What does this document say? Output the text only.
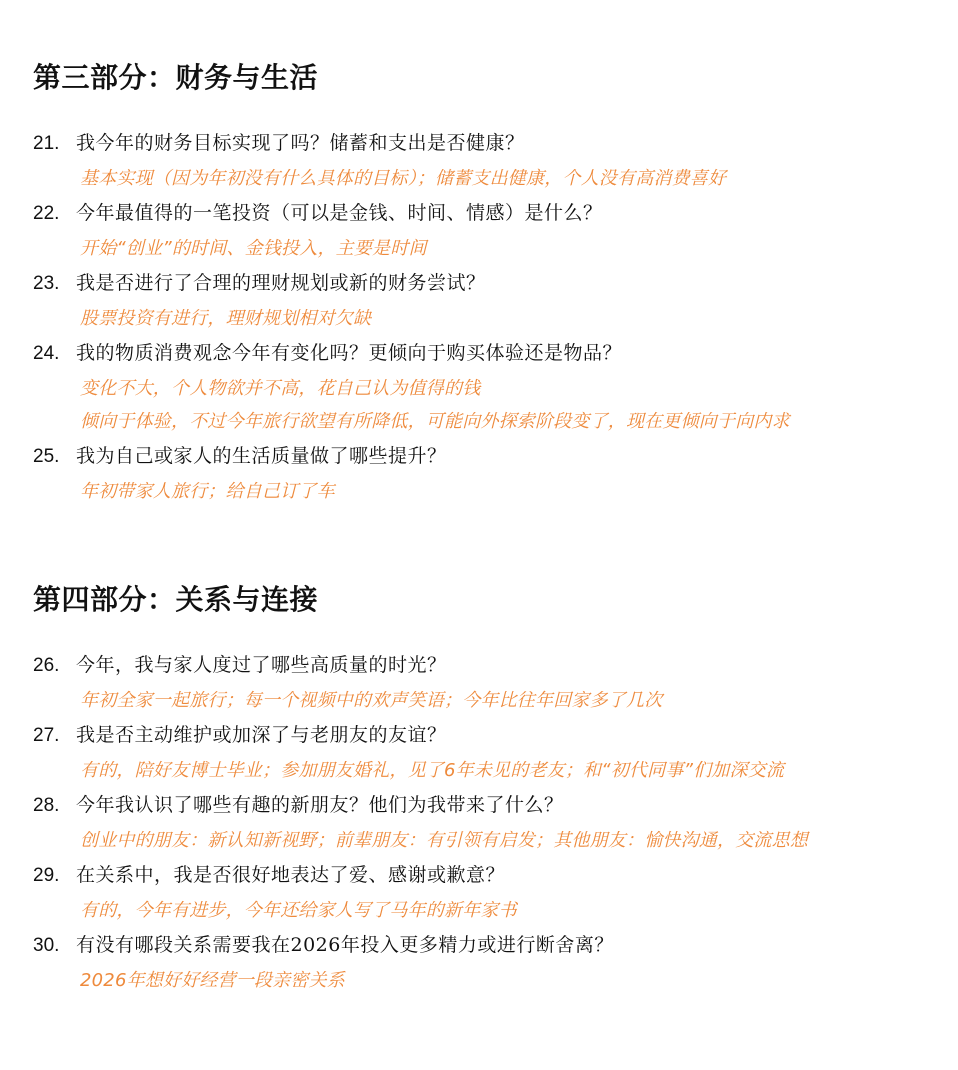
第三部分：财务与生活
21. 我今年的财务目标实现了吗？储蓄和支出是否健康？
基本实现（因为年初没有什么具体的目标）；储蓄支出健康，个人没有高消费喜好
22. 今年最值得的一笔投资（可以是金钱、时间、情感）是什么？
开始“创业”的时间、金钱投入，主要是时间
23. 我是否进行了合理的理财规划或新的财务尝试？
股票投资有进行，理财规划相对欠缺
24. 我的物质消费观念今年有变化吗？更倾向于购买体验还是物品？
变化不大，个人物欲并不高，花自己认为值得的钱
倾向于体验，不过今年旅行欲望有所降低，可能向外探索阶段变了，现在更倾向于向内求
25. 我为自己或家人的生活质量做了哪些提升？
年初带家人旅行；给自己订了车
第四部分：关系与连接
26. 今年，我与家人度过了哪些高质量的时光？
年初全家一起旅行；每一个视频中的欢声笑语；今年比往年回家多了几次
27. 我是否主动维护或加深了与老朋友的友谊？
有的，陪好友博士毕业；参加朋友婚礼，见了6年未见的老友；和“初代同事”们加深交流
28. 今年我认识了哪些有趣的新朋友？他们为我带来了什么？
创业中的朋友：新认知新视野；前辈朋友：有引领有启发；其他朋友：愉快沟通，交流思想
29. 在关系中，我是否很好地表达了爱、感谢或歉意？
有的，今年有进步，今年还给家人写了马年的新年家书
30. 有没有哪段关系需要我在2026年投入更多精力或进行断舍离？
2026年想好好经营一段亲密关系
